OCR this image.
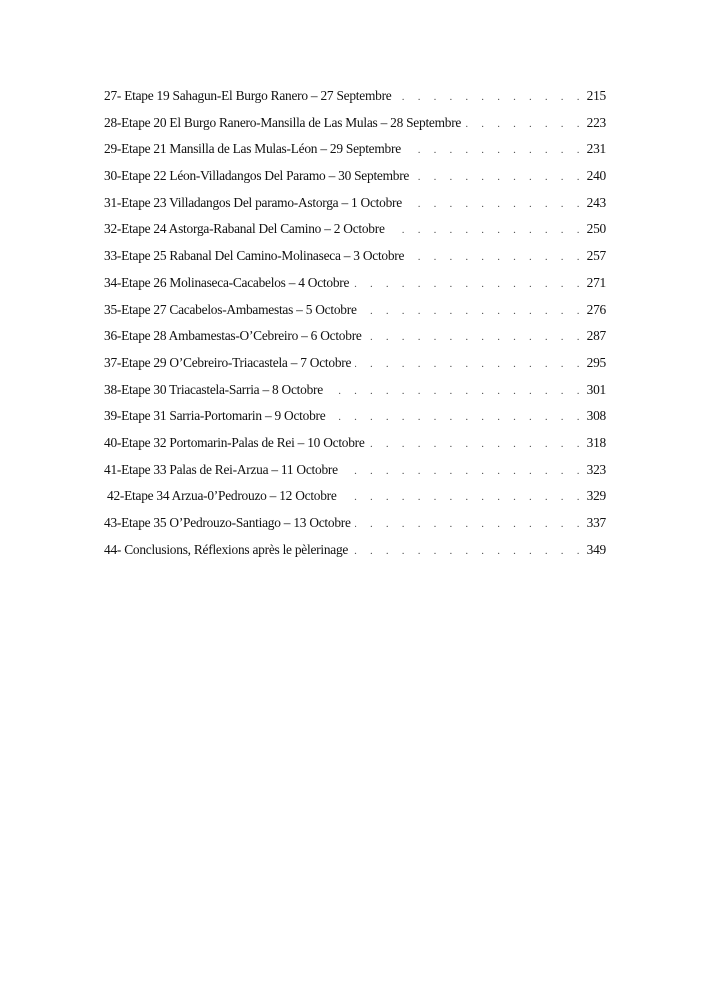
27- Etape 19 Sahagun-El Burgo Ranero – 27 Septembre . . .	215
28-Etape 20 El Burgo Ranero-Mansilla de Las Mulas – 28 Septembre . . .	223
29-Etape 21 Mansilla de Las Mulas-Léon – 29 Septembre . . .	231
30-Etape 22 Léon-Villadangos Del Paramo – 30 Septembre . . .	240
31-Etape 23 Villadangos Del paramo-Astorga – 1 Octobre . . .	243
32-Etape 24 Astorga-Rabanal Del Camino – 2 Octobre . . .	250
33-Etape 25 Rabanal Del Camino-Molinaseca – 3 Octobre . . .	257
34-Etape 26 Molinaseca-Cacabelos – 4 Octobre . . .	271
35-Etape 27 Cacabelos-Ambamestas – 5 Octobre . . .	276
36-Etape 28 Ambamestas-O’Cebreiro – 6 Octobre . . .	287
37-Etape 29 O’Cebreiro-Triacastela – 7 Octobre . . .	295
38-Etape 30 Triacastela-Sarria – 8 Octobre . . .	301
39-Etape 31 Sarria-Portomarin – 9 Octobre . . .	308
40-Etape 32 Portomarin-Palas de Rei – 10 Octobre . . .	318
41-Etape 33 Palas de Rei-Arzua – 11 Octobre . . .	323
42-Etape 34 Arzua-0’Pedrouzo – 12 Octobre . . .	329
43-Etape 35 O’Pedrouzo-Santiago – 13 Octobre . . .	337
44- Conclusions, Réflexions après le pèlerinage . . .	349
